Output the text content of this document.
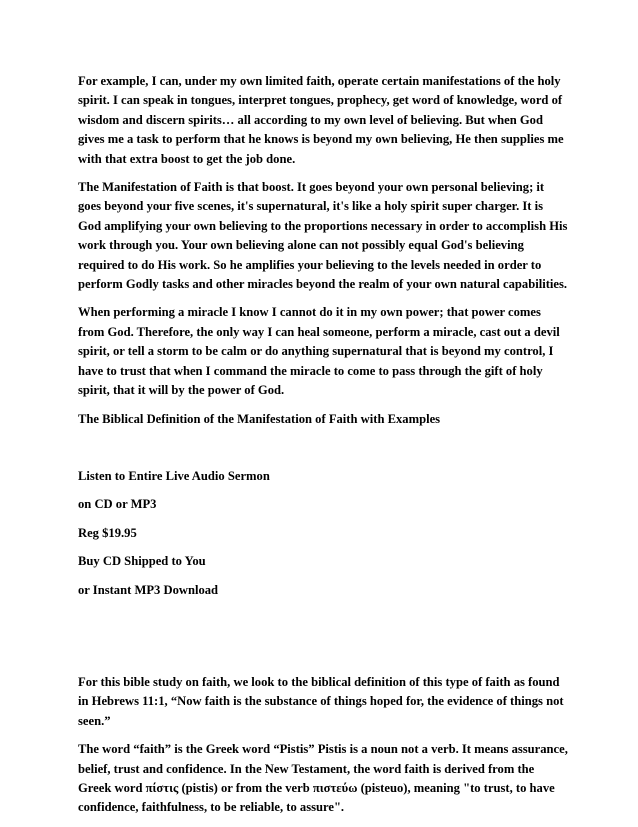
For example, I can, under my own limited faith, operate certain manifestations of the holy
spirit. I can speak in tongues, interpret tongues, prophecy, get word of knowledge, word of
wisdom and discern spirits… all according to my own level of believing. But when God
gives me a task to perform that he knows is beyond my own believing, He then supplies me
with that extra boost to get the job done.

The Manifestation of Faith is that boost. It goes beyond your own personal believing; it
goes beyond your five scenes, it's supernatural, it's like a holy spirit super charger. It is
God amplifying your own believing to the proportions necessary in order to accomplish His
work through you. Your own believing alone can not possibly equal God's believing
required to do His work. So he amplifies your believing to the levels needed in order to
perform Godly tasks and other miracles beyond the realm of your own natural capabilities.

When performing a miracle I know I cannot do it in my own power; that power comes
from God. Therefore, the only way I can heal someone, perform a miracle, cast out a devil
spirit, or tell a storm to be calm or do anything supernatural that is beyond my control, I
have to trust that when I command the miracle to come to pass through the gift of holy
spirit, that it will by the power of God.

The Biblical Definition of the Manifestation of Faith with Examples

Listen to Entire Live Audio Sermon

on CD or MP3

Reg $19.95

Buy CD Shipped to You

or Instant MP3 Download

For this bible study on faith, we look to the biblical definition of this type of faith as found
in Hebrews 11:1, “Now faith is the substance of things hoped for, the evidence of things not
seen.”

The word “faith” is the Greek word “Pistis” Pistis is a noun not a verb. It means assurance,
belief, trust and confidence. In the New Testament, the word faith is derived from the
Greek word πίστις (pistis) or from the verb πιστεύω (pisteuo), meaning "to trust, to have
confidence, faithfulness, to be reliable, to assure".
